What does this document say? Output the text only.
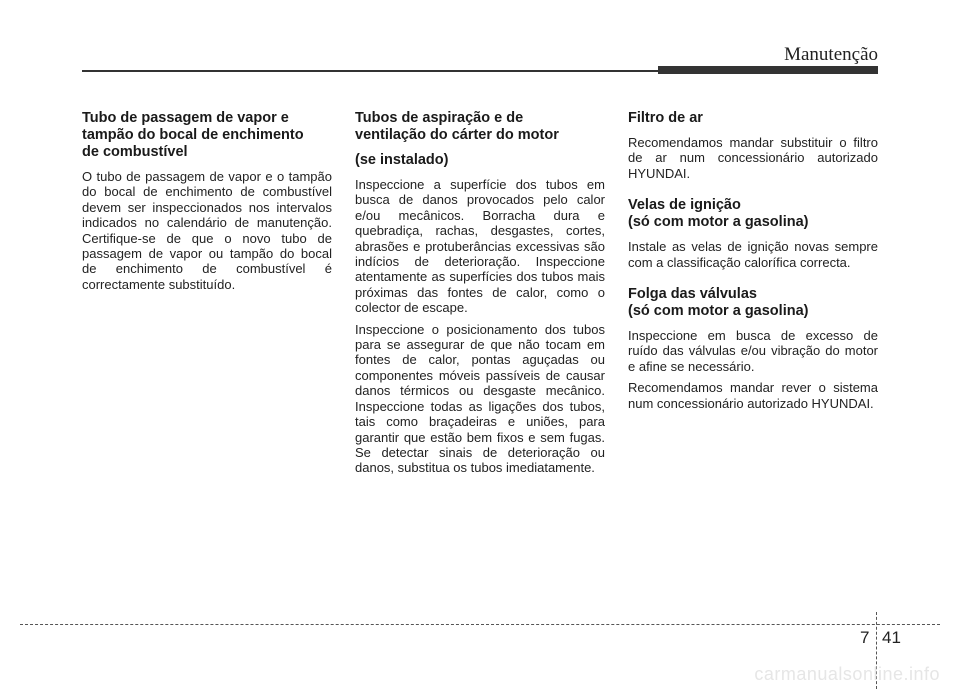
Manutenção
Tubo de passagem de vapor e
tampão do bocal de enchimento
de combustível

O tubo de passagem de vapor e o tampão do bocal de enchimento de combustível devem ser inspeccionados nos intervalos indicados no calendário de manutenção. Certifique-se de que o novo tubo de passagem de vapor ou tampão do bocal de enchimento de combustível é correctamente substituído.

Tubos de aspiração e de
ventilação do cárter do motor
(se instalado)

Inspeccione a superfície dos tubos em busca de danos provocados pelo calor e/ou mecânicos. Borracha dura e quebradiça, rachas, desgastes, cortes, abrasões e protuberâncias excessivas são indícios de deterioração. Inspeccione atentamente as superfícies dos tubos mais próximas das fontes de calor, como o colector de escape.

Inspeccione o posicionamento dos tubos para se assegurar de que não tocam em fontes de calor, pontas aguçadas ou componentes móveis passíveis de causar danos térmicos ou desgaste mecânico. Inspeccione todas as ligações dos tubos, tais como braçadeiras e uniões, para garantir que estão bem fixos e sem fugas. Se detectar sinais de deterioração ou danos, substitua os tubos imediatamente.

Filtro de ar

Recomendamos mandar substituir o filtro de ar num concessionário autorizado HYUNDAI.

Velas de ignição
(só com motor a gasolina)

Instale as velas de ignição novas sempre com a classificação calorífica correcta.

Folga das válvulas
(só com motor a gasolina)

Inspeccione em busca de excesso de ruído das válvulas e/ou vibração do motor e afine se necessário.

Recomendamos mandar rever o sistema num concessionário autorizado HYUNDAI.

7 41
carmanualsonline.info
